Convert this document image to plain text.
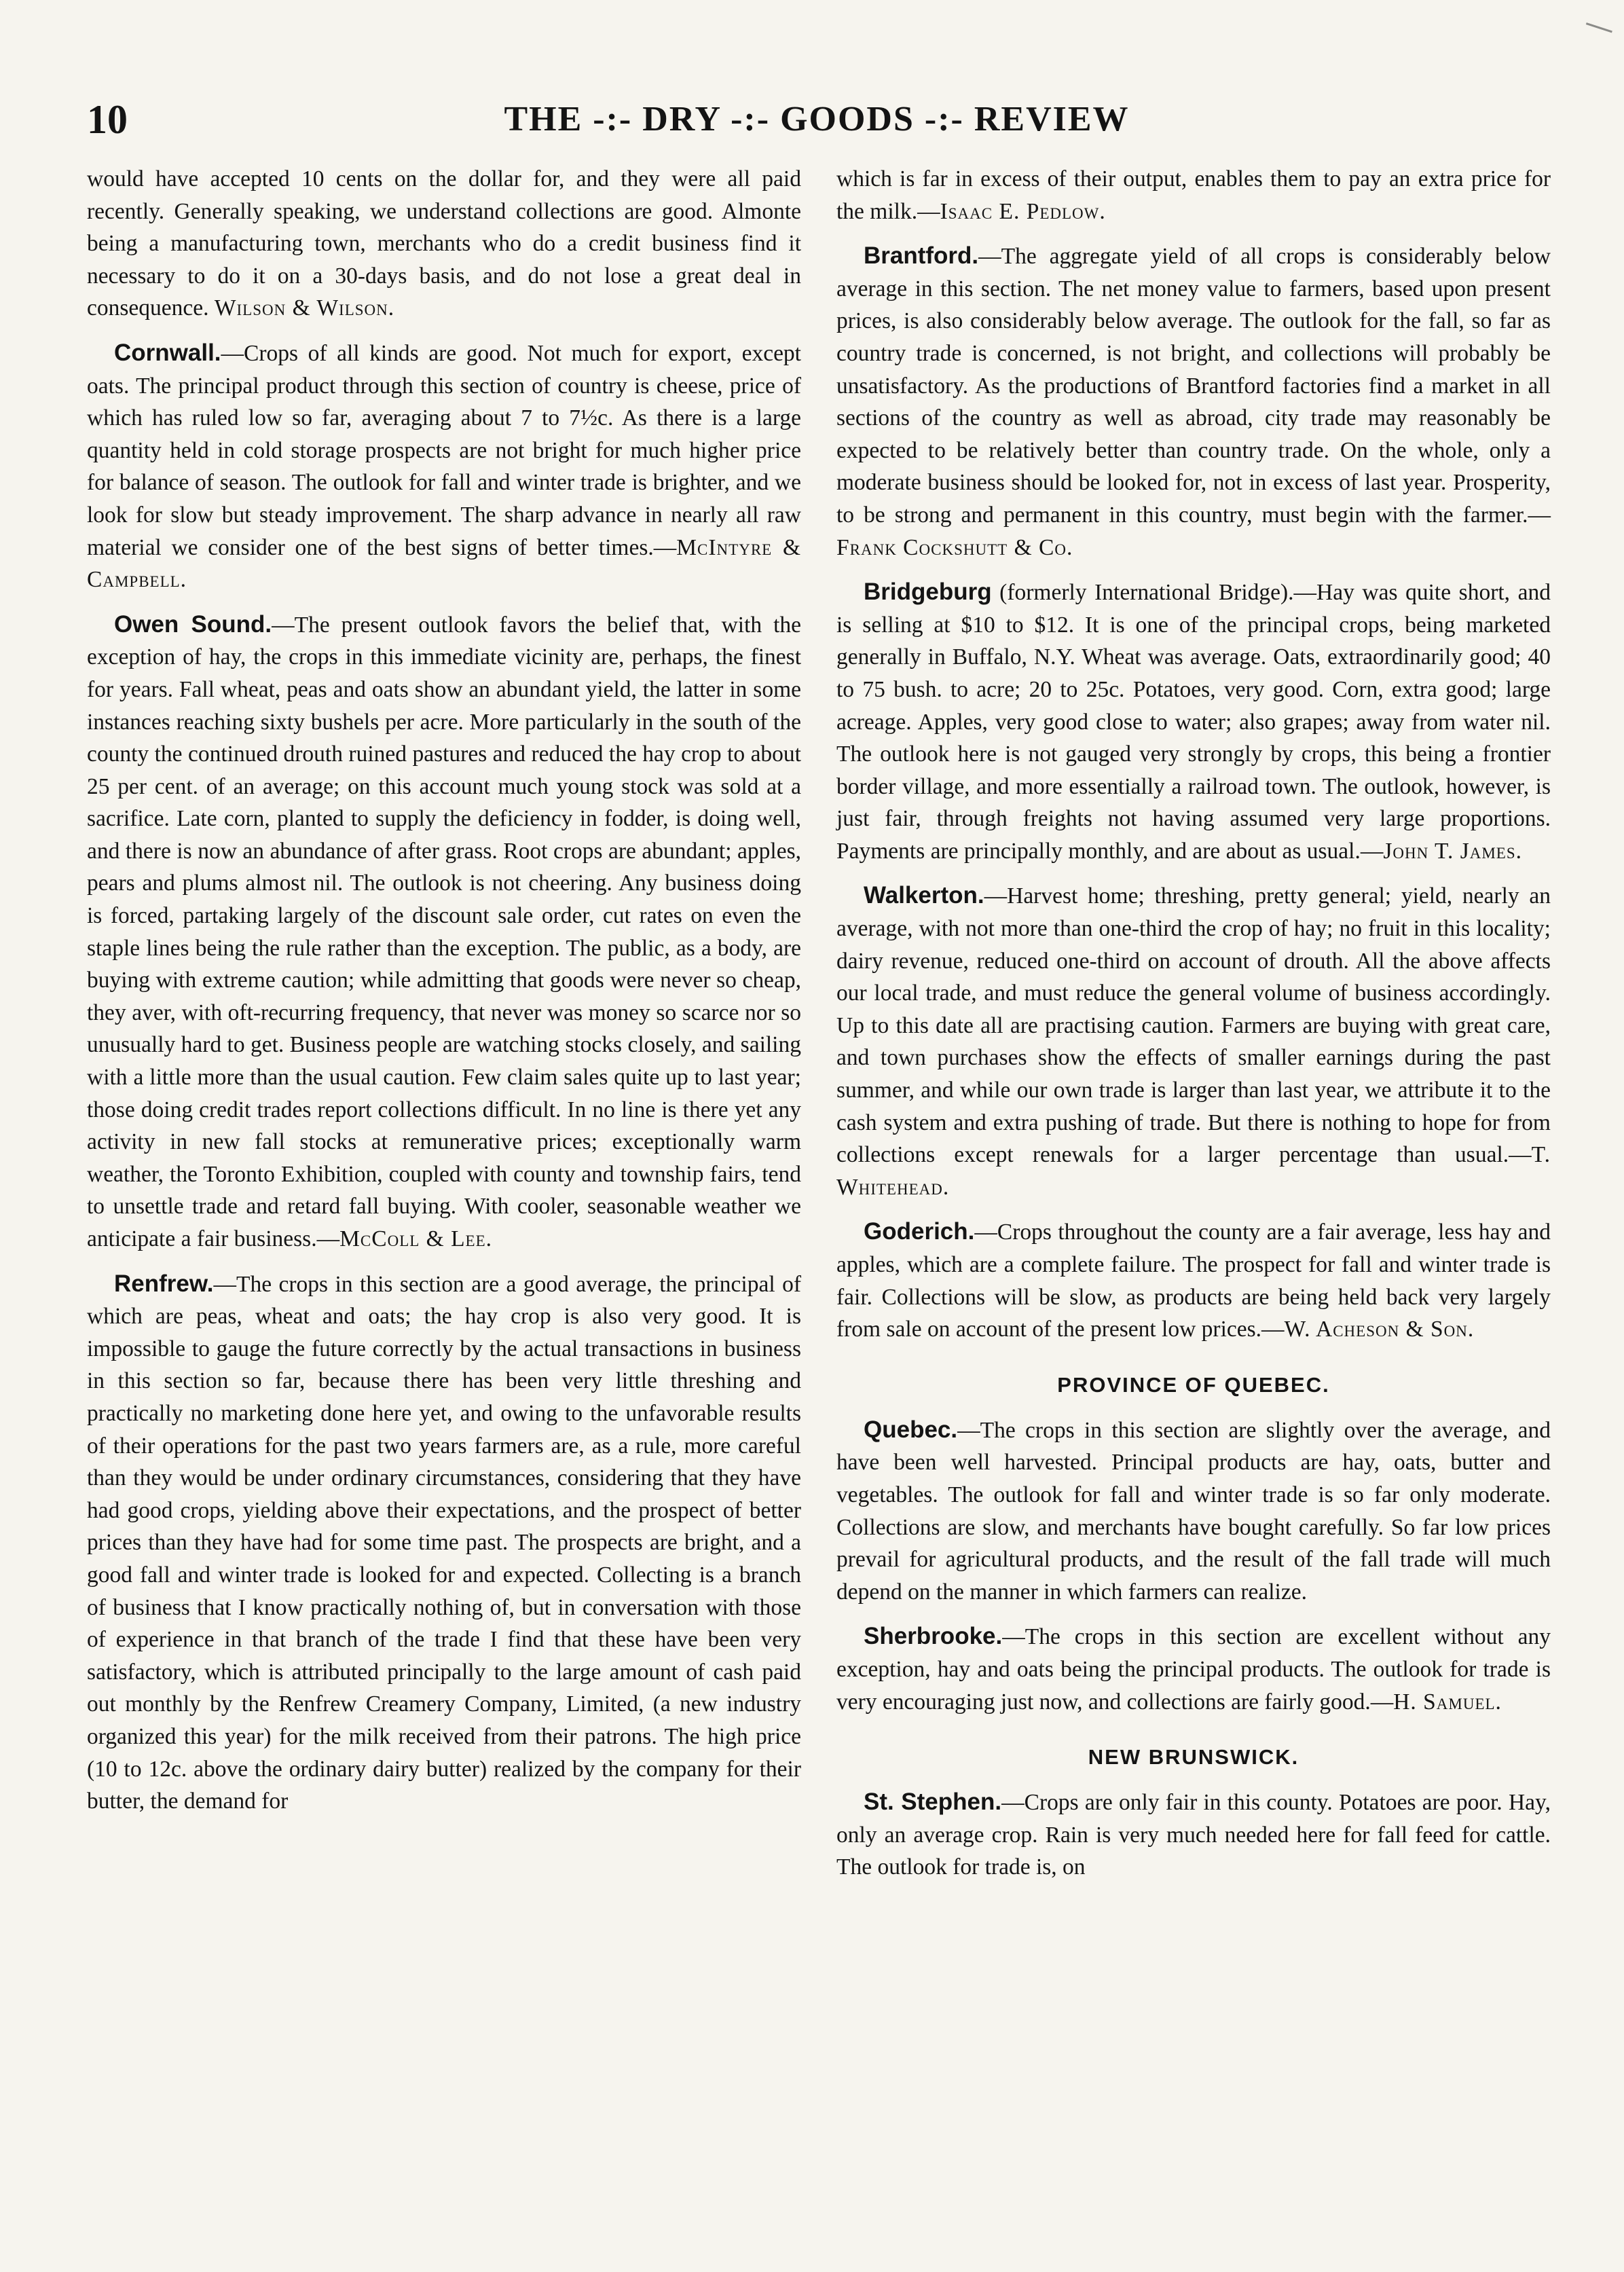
10	THE -:- DRY -:- GOODS -:- REVIEW

would have accepted 10 cents on the dollar for, and they were all paid recently. Generally speaking, we understand collections are good. Almonte being a manufacturing town, merchants who do a credit business find it necessary to do it on a 30-days basis, and do not lose a great deal in consequence. Wilson & Wilson.

Cornwall.—Crops of all kinds are good. Not much for export, except oats. The principal product through this section of country is cheese, price of which has ruled low so far, averaging about 7 to 7½c. As there is a large quantity held in cold storage prospects are not bright for much higher price for balance of season. The outlook for fall and winter trade is brighter, and we look for slow but steady improvement. The sharp advance in nearly all raw material we consider one of the best signs of better times.—McIntyre & Campbell.

Owen Sound.—The present outlook favors the belief that, with the exception of hay, the crops in this immediate vicinity are, perhaps, the finest for years. Fall wheat, peas and oats show an abundant yield, the latter in some instances reaching sixty bushels per acre. More particularly in the south of the county the continued drouth ruined pastures and reduced the hay crop to about 25 per cent. of an average; on this account much young stock was sold at a sacrifice. Late corn, planted to supply the deficiency in fodder, is doing well, and there is now an abundance of after grass. Root crops are abundant; apples, pears and plums almost nil. The outlook is not cheering. Any business doing is forced, partaking largely of the discount sale order, cut rates on even the staple lines being the rule rather than the exception. The public, as a body, are buying with extreme caution; while admitting that goods were never so cheap, they aver, with oft-recurring frequency, that never was money so scarce nor so unusually hard to get. Business people are watching stocks closely, and sailing with a little more than the usual caution. Few claim sales quite up to last year; those doing credit trades report collections difficult. In no line is there yet any activity in new fall stocks at remunerative prices; exceptionally warm weather, the Toronto Exhibition, coupled with county and township fairs, tend to unsettle trade and retard fall buying. With cooler, seasonable weather we anticipate a fair business.—McColl & Lee.

Renfrew.—The crops in this section are a good average, the principal of which are peas, wheat and oats; the hay crop is also very good. It is impossible to gauge the future correctly by the actual transactions in business in this section so far, because there has been very little threshing and practically no marketing done here yet, and owing to the unfavorable results of their operations for the past two years farmers are, as a rule, more careful than they would be under ordinary circumstances, considering that they have had good crops, yielding above their expectations, and the prospect of better prices than they have had for some time past. The prospects are bright, and a good fall and winter trade is looked for and expected. Collecting is a branch of business that I know practically nothing of, but in conversation with those of experience in that branch of the trade I find that these have been very satisfactory, which is attributed principally to the large amount of cash paid out monthly by the Renfrew Creamery Company, Limited, (a new industry organized this year) for the milk received from their patrons. The high price (10 to 12c. above the ordinary dairy butter) realized by the company for their butter, the demand for

which is far in excess of their output, enables them to pay an extra price for the milk.—Isaac E. Pedlow.

Brantford.—The aggregate yield of all crops is considerably below average in this section. The net money value to farmers, based upon present prices, is also considerably below average. The outlook for the fall, so far as country trade is concerned, is not bright, and collections will probably be unsatisfactory. As the productions of Brantford factories find a market in all sections of the country as well as abroad, city trade may reasonably be expected to be relatively better than country trade. On the whole, only a moderate business should be looked for, not in excess of last year. Prosperity, to be strong and permanent in this country, must begin with the farmer.—Frank Cockshutt & Co.

Bridgeburg (formerly International Bridge).—Hay was quite short, and is selling at $10 to $12. It is one of the principal crops, being marketed generally in Buffalo, N.Y. Wheat was average. Oats, extraordinarily good; 40 to 75 bush. to acre; 20 to 25c. Potatoes, very good. Corn, extra good; large acreage. Apples, very good close to water; also grapes; away from water nil. The outlook here is not gauged very strongly by crops, this being a frontier border village, and more essentially a railroad town. The outlook, however, is just fair, through freights not having assumed very large proportions. Payments are principally monthly, and are about as usual.—John T. James.

Walkerton.—Harvest home; threshing, pretty general; yield, nearly an average, with not more than one-third the crop of hay; no fruit in this locality; dairy revenue, reduced one-third on account of drouth. All the above affects our local trade, and must reduce the general volume of business accordingly. Up to this date all are practising caution. Farmers are buying with great care, and town purchases show the effects of smaller earnings during the past summer, and while our own trade is larger than last year, we attribute it to the cash system and extra pushing of trade. But there is nothing to hope for from collections except renewals for a larger percentage than usual.—T. Whitehead.

Goderich.—Crops throughout the county are a fair average, less hay and apples, which are a complete failure. The prospect for fall and winter trade is fair. Collections will be slow, as products are being held back very largely from sale on account of the present low prices.—W. Acheson & Son.

PROVINCE OF QUEBEC.

Quebec.—The crops in this section are slightly over the average, and have been well harvested. Principal products are hay, oats, butter and vegetables. The outlook for fall and winter trade is so far only moderate. Collections are slow, and merchants have bought carefully. So far low prices prevail for agricultural products, and the result of the fall trade will much depend on the manner in which farmers can realize.

Sherbrooke.—The crops in this section are excellent without any exception, hay and oats being the principal products. The outlook for trade is very encouraging just now, and collections are fairly good.—H. Samuel.

NEW BRUNSWICK.

St. Stephen.—Crops are only fair in this county. Potatoes are poor. Hay, only an average crop. Rain is very much needed here for fall feed for cattle. The outlook for trade is, on
